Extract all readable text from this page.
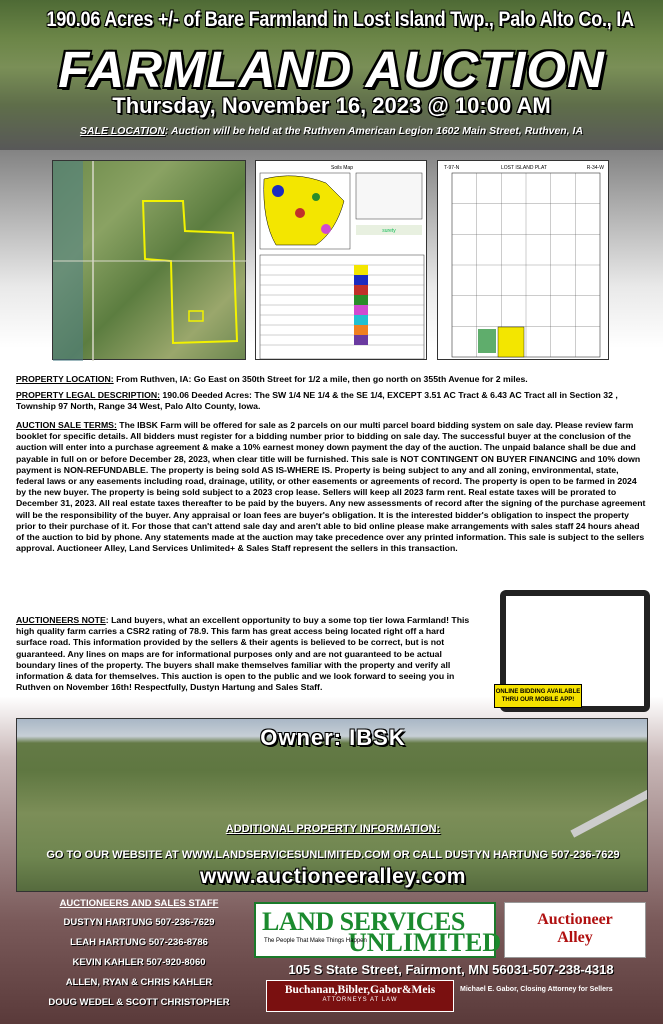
190.06 Acres +/- of Bare Farmland in Lost Island Twp., Palo Alto Co., IA
FARMLAND AUCTION
Thursday, November 16, 2023 @ 10:00 AM
SALE LOCATION: Auction will be held at the Ruthven American Legion 1602 Main Street, Ruthven, IA
Soils Map
surety
T-97-N	LOST ISLAND PLAT	R-34-W
PROPERTY LOCATION: From Ruthven, IA: Go East on 350th Street for 1/2 a mile, then go north on 355th Avenue for 2 miles.
PROPERTY LEGAL DESCRIPTION: 190.06 Deeded Acres: The SW 1/4 NE 1/4 & the SE 1/4, EXCEPT 3.51 AC Tract & 6.43 AC Tract all in Section 32 , Township 97 North, Range 34 West, Palo Alto County, Iowa.
AUCTION SALE TERMS: The IBSK Farm will be offered for sale as 2 parcels on our multi parcel board bidding system on sale day. Please review farm booklet for specific details. All bidders must register for a bidding number prior to bidding on sale day. The successful buyer at the conclusion of the auction will enter into a purchase agreement & make a 10% earnest money down payment the day of the auction. The unpaid balance shall be due and payable in full on or before December 28, 2023, when clear title will be furnished. This sale is NOT CONTINGENT ON BUYER FINANCING and 10% down payment is NON-REFUNDABLE. The property is being sold AS IS-WHERE IS. Property is being subject to any and all zoning, environmental, state, federal laws or any easements including road, drainage, utility, or other easements or agreements of record. The property is open to be farmed in 2024 by the new buyer. The property is being sold subject to a 2023 crop lease. Sellers will keep all 2023 farm rent. Real estate taxes will be prorated to December 31, 2023. All real estate taxes thereafter to be paid by the buyers. Any new assessments of record after the signing of the purchase agreement will be the responsibility of the buyer. Any appraisal or loan fees are buyer's obligation. It is the interested bidder's obligation to inspect the property prior to their purchase of it. For those that can't attend sale day and aren't able to bid online please make arrangements with sales staff 24 hours ahead of the auction to bid by phone. Any statements made at the auction may take precedence over any printed information. This sale is subject to the sellers approval. Auctioneer Alley, Land Services Unlimited+ & Sales Staff represent the sellers in this transaction.
AUCTIONEERS NOTE: Land buyers, what an excellent opportunity to buy a some top tier Iowa Farmland! This high quality farm carries a CSR2 rating of 78.9. This farm has great access being located right off a hard surface road. This information provided by the sellers & their agents is believed to be correct, but is not guaranteed. Any lines on maps are for informational purposes only and are not guaranteed to be actual boundary lines of the property. The buyers shall make themselves familiar with the property and verify all information & data for themselves. This auction is open to the public and we look forward to seeing you in Ruthven on November 16th! Respectfully, Dustyn Hartung and Sales Staff.	ONLINE BIDDING AVAILABLE THRU OUR MOBILE APP!
Owner: IBSK
ADDITIONAL PROPERTY INFORMATION:
GO TO OUR WEBSITE AT WWW.LANDSERVICESUNLIMITED.COM OR CALL DUSTYN HARTUNG 507-236-7629
www.auctioneeralley.com
AUCTIONEERS AND SALES STAFF
DUSTYN HARTUNG 507-236-7629
LEAH HARTUNG 507-236-8786
KEVIN KAHLER 507-920-8060
ALLEN, RYAN & CHRIS KAHLER
DOUG WEDEL & SCOTT CHRISTOPHER
LAND SERVICES
UNLIMITED
The People That Make Things Happen
Auctioneer
Alley
105 S State Street, Fairmont, MN 56031-507-238-4318
Buchanan,Bibler,Gabor&Meis
ATTORNEYS AT LAW
Michael E. Gabor, Closing Attorney for Sellers
